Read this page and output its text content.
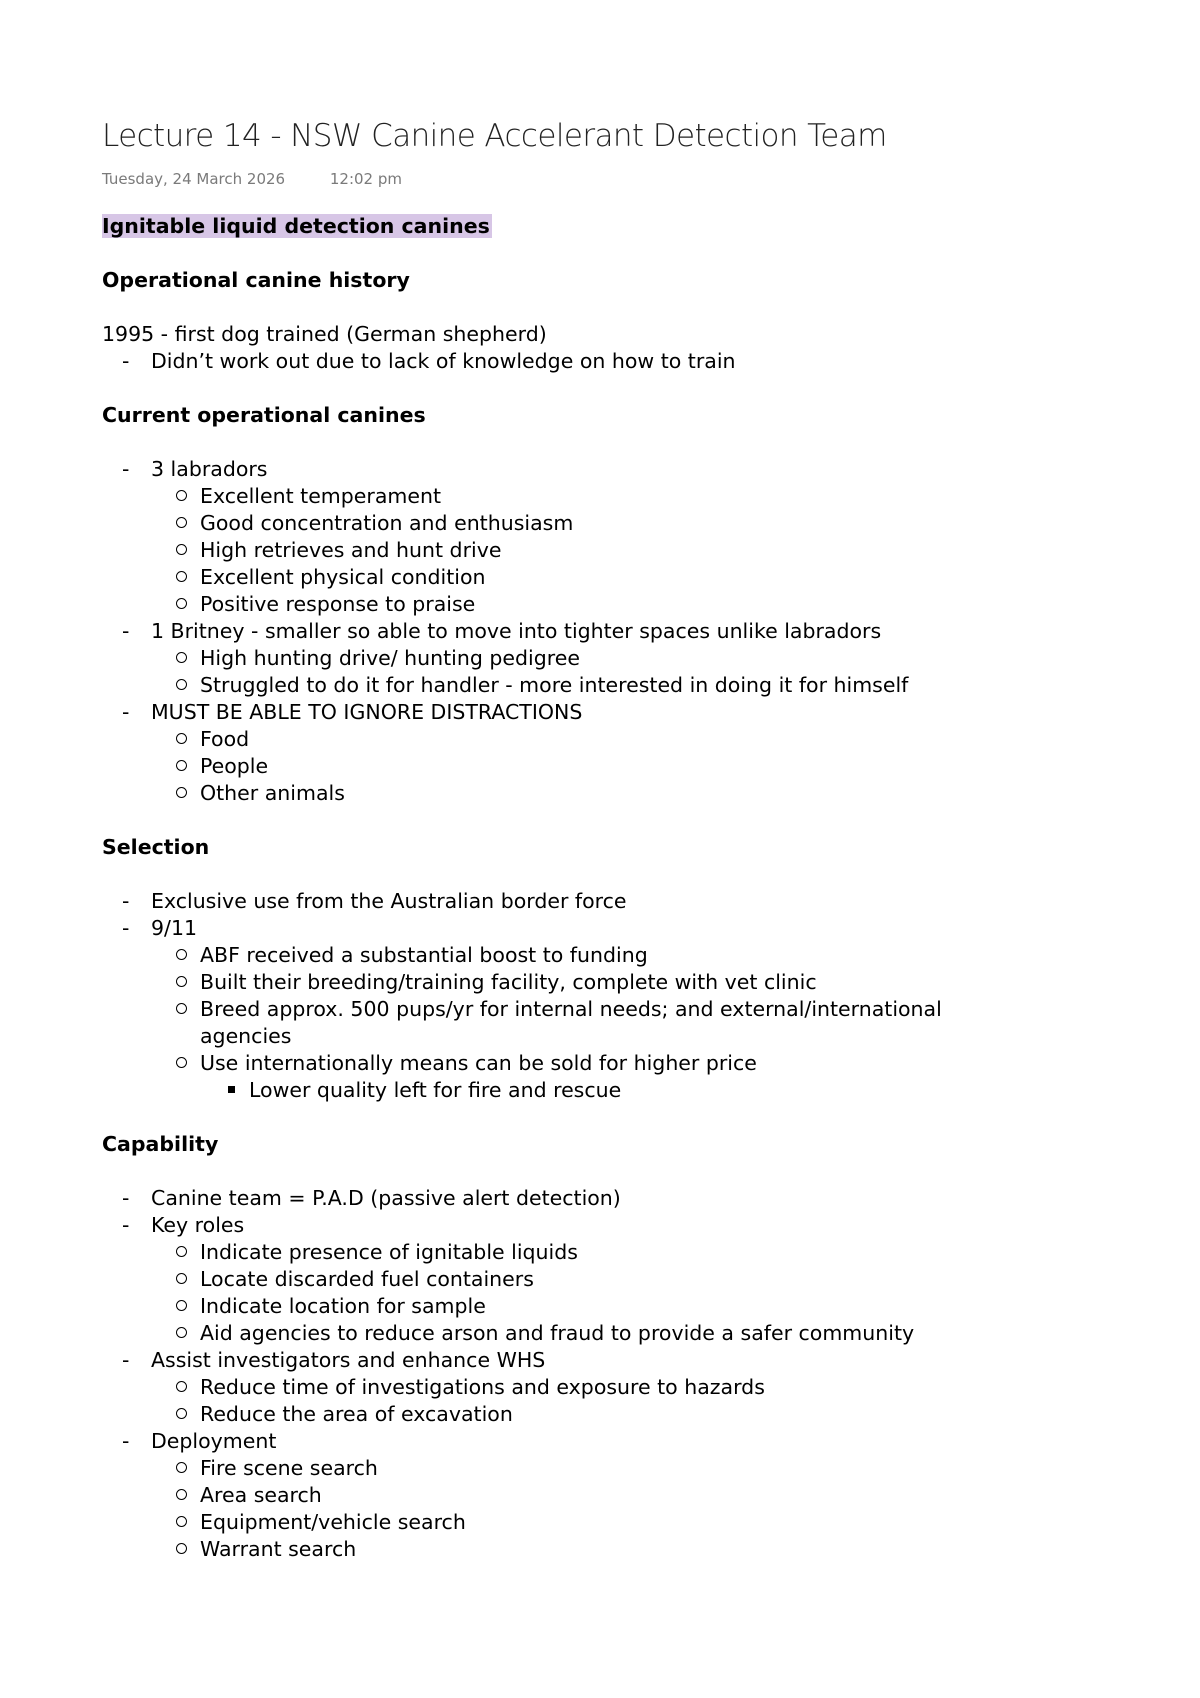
Lecture 14 - NSW Canine Accelerant Detection Team
Tuesday, 24 March 2026	12:02 pm

Ignitable liquid detection canines

Operational canine history

1995 - first dog trained (German shepherd)

-	Didn’t work out due to lack of knowledge on how to train

Current operational canines

-	3 labradors
Excellent temperament
Good concentration and enthusiasm
High retrieves and hunt drive
Excellent physical condition
Positive response to praise
-	1 Britney - smaller so able to move into tighter spaces unlike labradors
High hunting drive/ hunting pedigree
Struggled to do it for handler - more interested in doing it for himself
-	MUST BE ABLE TO IGNORE DISTRACTIONS
Food
People
Other animals

Selection

-	Exclusive use from the Australian border force
-	9/11
ABF received a substantial boost to funding
Built their breeding/training facility, complete with vet clinic
Breed approx. 500 pups/yr for internal needs; and external/international
agencies
Use internationally means can be sold for higher price
Lower quality left for fire and rescue

Capability

-	Canine team = P.A.D (passive alert detection)
-	Key roles
Indicate presence of ignitable liquids
Locate discarded fuel containers
Indicate location for sample
Aid agencies to reduce arson and fraud to provide a safer community
-	Assist investigators and enhance WHS
Reduce time of investigations and exposure to hazards
Reduce the area of excavation
-	Deployment
Fire scene search
Area search
Equipment/vehicle search
Warrant search
